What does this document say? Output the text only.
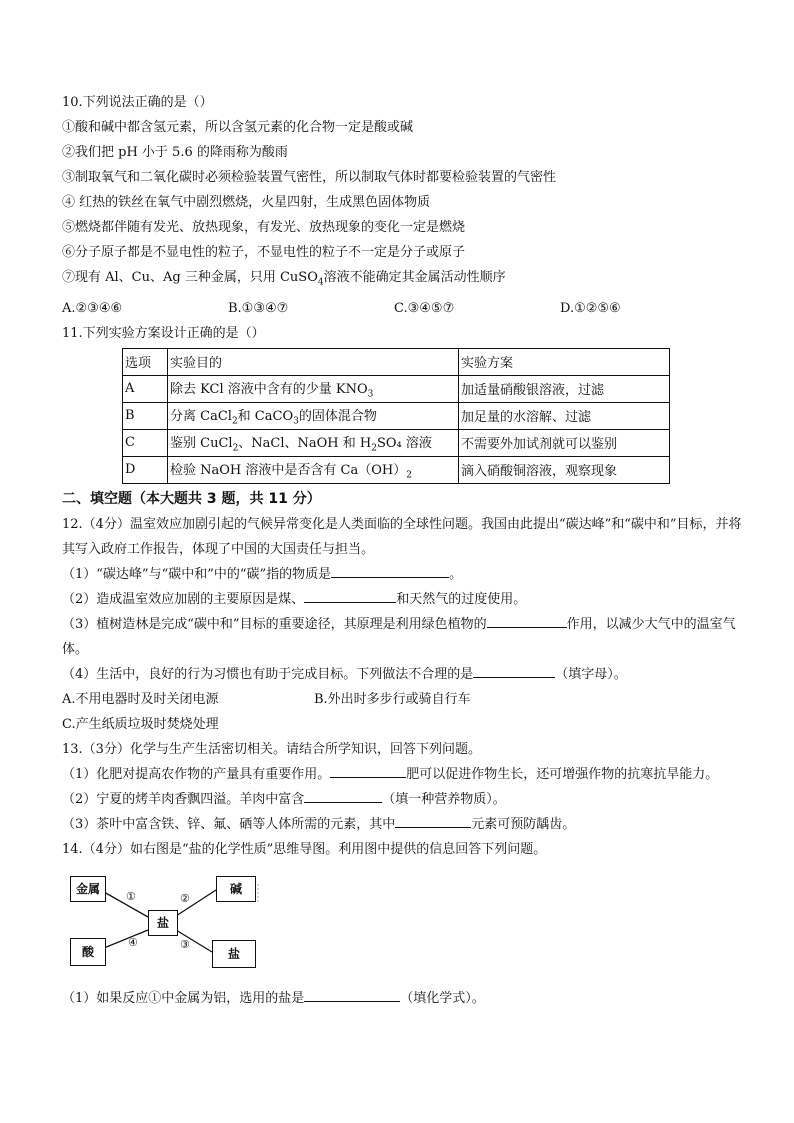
10.下列说法正确的是（）
①酸和碱中都含氢元素，所以含氢元素的化合物一定是酸或碱
②我们把 pH 小于 5.6 的降雨称为酸雨
③制取氧气和二氧化碳时必须检验装置气密性，所以制取气体时都要检验装置的气密性
④ 红热的铁丝在氧气中剧烈燃烧，火星四射，生成黑色固体物质
⑤燃烧都伴随有发光、放热现象，有发光、放热现象的变化一定是燃烧
⑥分子原子都是不显电性的粒子，不显电性的粒子不一定是分子或原子
⑦现有 Al、Cu、Ag 三种金属，只用 CuSO$_4$溶液不能确定其金属活动性顺序
A.②③④⑥	B.①③④⑦	C.③④⑤⑦	D.①②⑤⑥
11.下列实验方案设计正确的是（）
选项	实验目的	实验方案
A	除去 KCl 溶液中含有的少量 $KNO_3$	加适量硝酸银溶液，过滤
B	分离 CaCl$_2$和 CaCO$_3$的固体混合物	加足量的水溶解、过滤
C	鉴别 CuCl$_2$、NaCl、NaOH 和 $H_2SO_4$ 溶液	不需要外加试剂就可以鉴别
D	检验 NaOH 溶液中是否含有 $Ca(OH)_2$	滴入硝酸铜溶液，观察现象
二、填空题（本大题共 3 题，共 11 分）
12.（4分）温室效应加剧引起的气候异常变化是人类面临的全球性问题。我国由此提出“碳达峰”和“碳中和”目标，并将其写入政府工作报告，体现了中国的大国责任与担当。
（1）“碳达峰”与“碳中和”中的“碳”指的物质是	。
（2）造成温室效应加剧的主要原因是煤、	和天然气的过度使用。
（3）植树造林是完成“碳中和”目标的重要途径，其原理是利用绿色植物的	作用，以减少大气中的温室气体。
（4）生活中，良好的行为习惯也有助于完成目标。下列做法不合理的是	（填字母）。
A.不用电器时及时关闭电源	B.外出时多步行或骑自行车
C.产生纸质垃圾时焚烧处理
13.（3分）化学与生产生活密切相关。请结合所学知识，回答下列问题。
（1）化肥对提高农作物的产量具有重要作用。	肥可以促进作物生长，还可增强作物的抗寒抗旱能力。
（2）宁夏的烤羊肉香飘四溢。羊肉中富含	（填一种营养物质）。
（3）茶叶中富含铁、锌、氟、硒等人体所需的元素，其中	元素可预防龋齿。
14.（4分）如右图是“盐的化学性质”思维导图。利用图中提供的信息回答下列问题。
金属	碱
盐
酸	盐
①	②
④	③
（1）如果反应①中金属为铝，选用的盐是	（填化学式）。
